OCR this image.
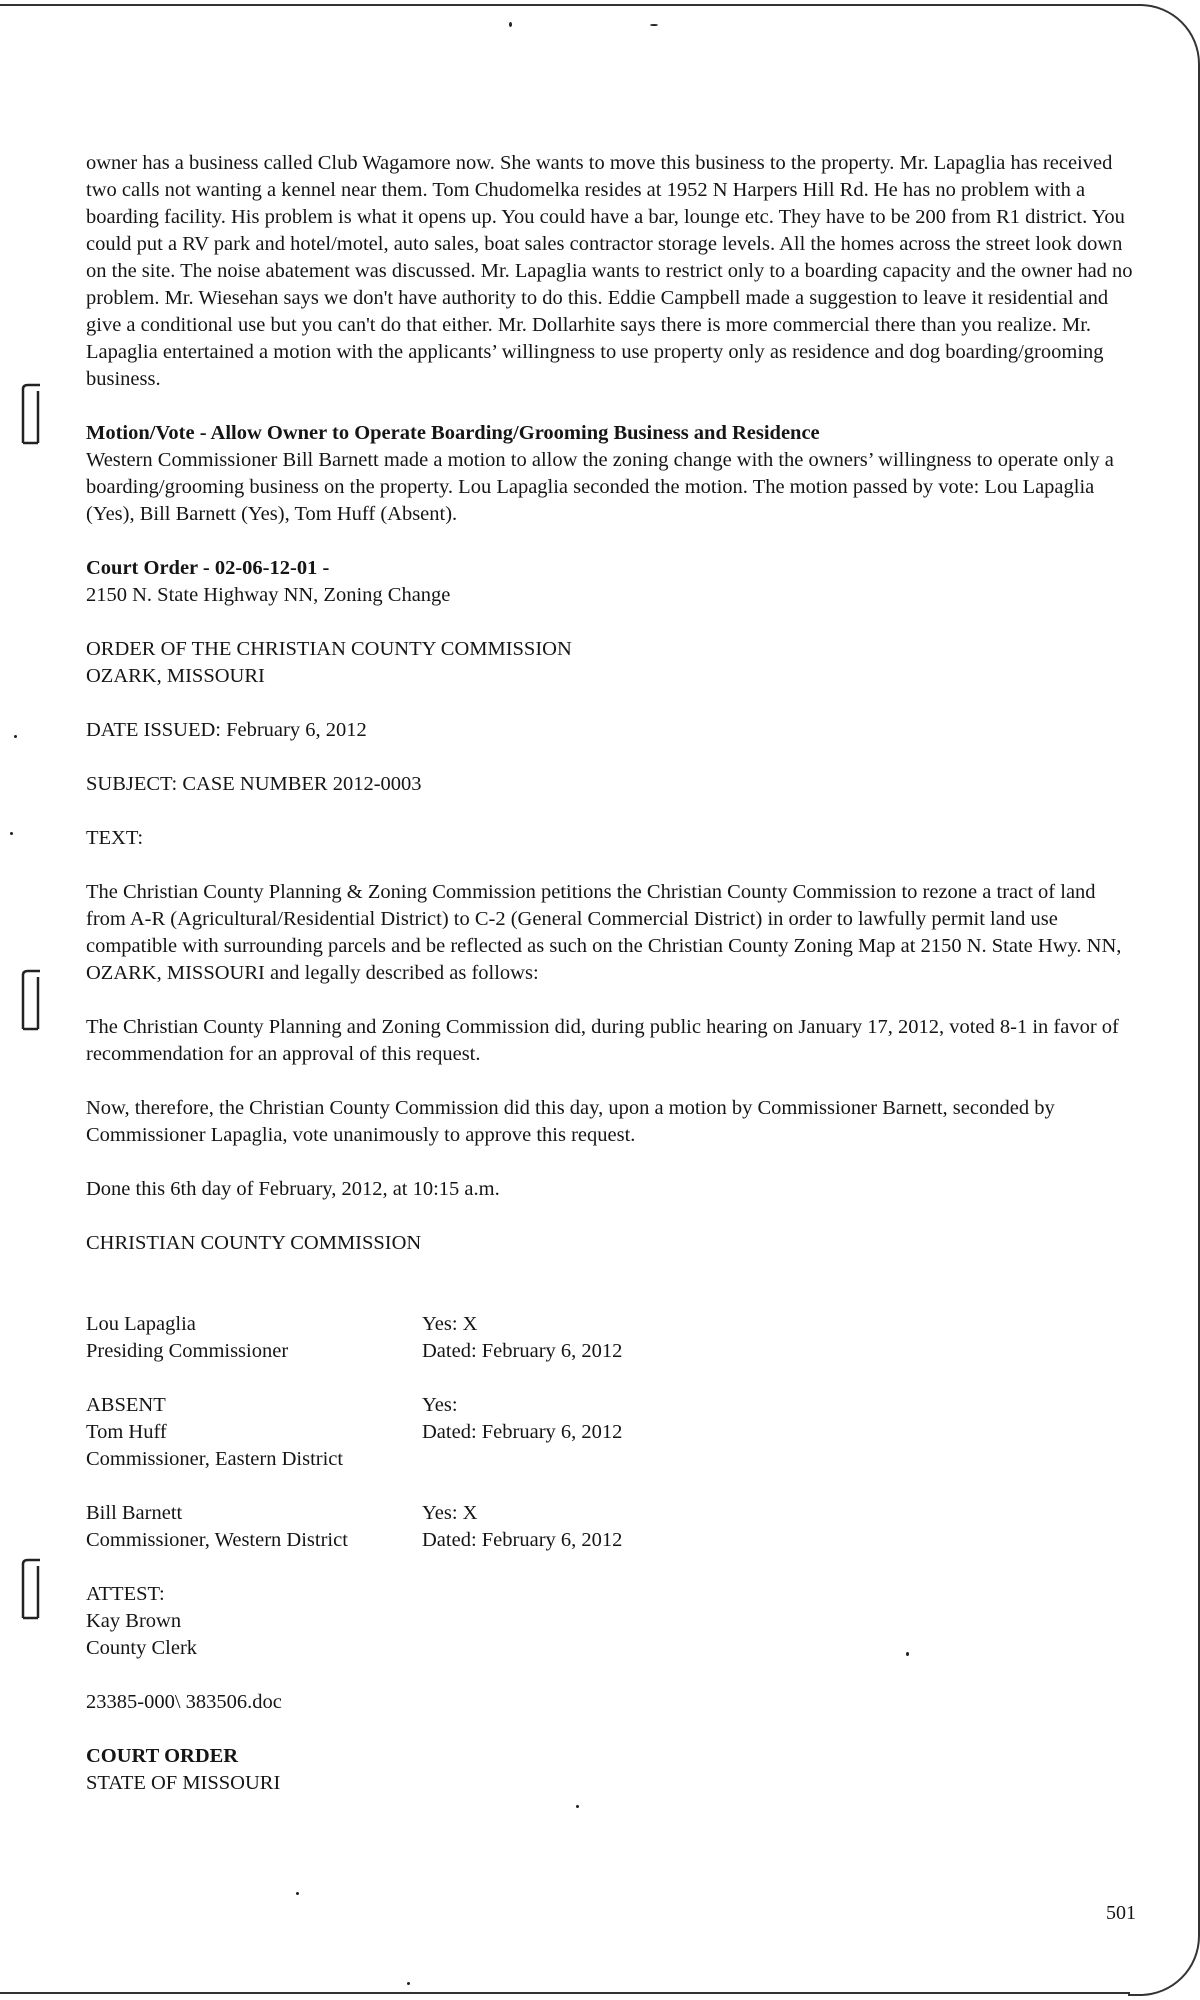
owner has a business called Club Wagamore now. She wants to move this business to the property. Mr. Lapaglia has received two calls not wanting a kennel near them. Tom Chudomelka resides at 1952 N Harpers Hill Rd. He has no problem with a boarding facility. His problem is what it opens up. You could have a bar, lounge etc. They have to be 200 from R1 district. You could put a RV park and hotel/motel, auto sales, boat sales contractor storage levels. All the homes across the street look down on the site. The noise abatement was discussed. Mr. Lapaglia wants to restrict only to a boarding capacity and the owner had no problem. Mr. Wiesehan says we don't have authority to do this. Eddie Campbell made a suggestion to leave it residential and give a conditional use but you can't do that either. Mr. Dollarhite says there is more commercial there than you realize. Mr. Lapaglia entertained a motion with the applicants’ willingness to use property only as residence and dog boarding/grooming business.

Motion/Vote - Allow Owner to Operate Boarding/Grooming Business and Residence

Western Commissioner Bill Barnett made a motion to allow the zoning change with the owners’ willingness to operate only a boarding/grooming business on the property. Lou Lapaglia seconded the motion. The motion passed by vote: Lou Lapaglia (Yes), Bill Barnett (Yes), Tom Huff (Absent).

Court Order - 02-06-12-01 -

2150 N. State Highway NN, Zoning Change

ORDER OF THE CHRISTIAN COUNTY COMMISSION

OZARK, MISSOURI

DATE ISSUED: February 6, 2012

SUBJECT: CASE NUMBER 2012-0003

TEXT:

The Christian County Planning & Zoning Commission petitions the Christian County Commission to rezone a tract of land from A-R (Agricultural/Residential District) to C-2 (General Commercial District) in order to lawfully permit land use compatible with surrounding parcels and be reflected as such on the Christian County Zoning Map at 2150 N. State Hwy. NN, OZARK, MISSOURI and legally described as follows:

The Christian County Planning and Zoning Commission did, during public hearing on January 17, 2012, voted 8-1 in favor of recommendation for an approval of this request.

Now, therefore, the Christian County Commission did this day, upon a motion by Commissioner Barnett, seconded by Commissioner Lapaglia, vote unanimously to approve this request.

Done this 6th day of February, 2012, at 10:15 a.m.

CHRISTIAN COUNTY COMMISSION

Lou Lapaglia	Yes: X
Presiding Commissioner	Dated: February 6, 2012
ABSENT	Yes:
Tom Huff	Dated: February 6, 2012
Commissioner, Eastern District
Bill Barnett	Yes: X
Commissioner, Western District	Dated: February 6, 2012

ATTEST:

Kay Brown

County Clerk

23385-000\ 383506.doc

COURT ORDER

STATE OF MISSOURI

501
